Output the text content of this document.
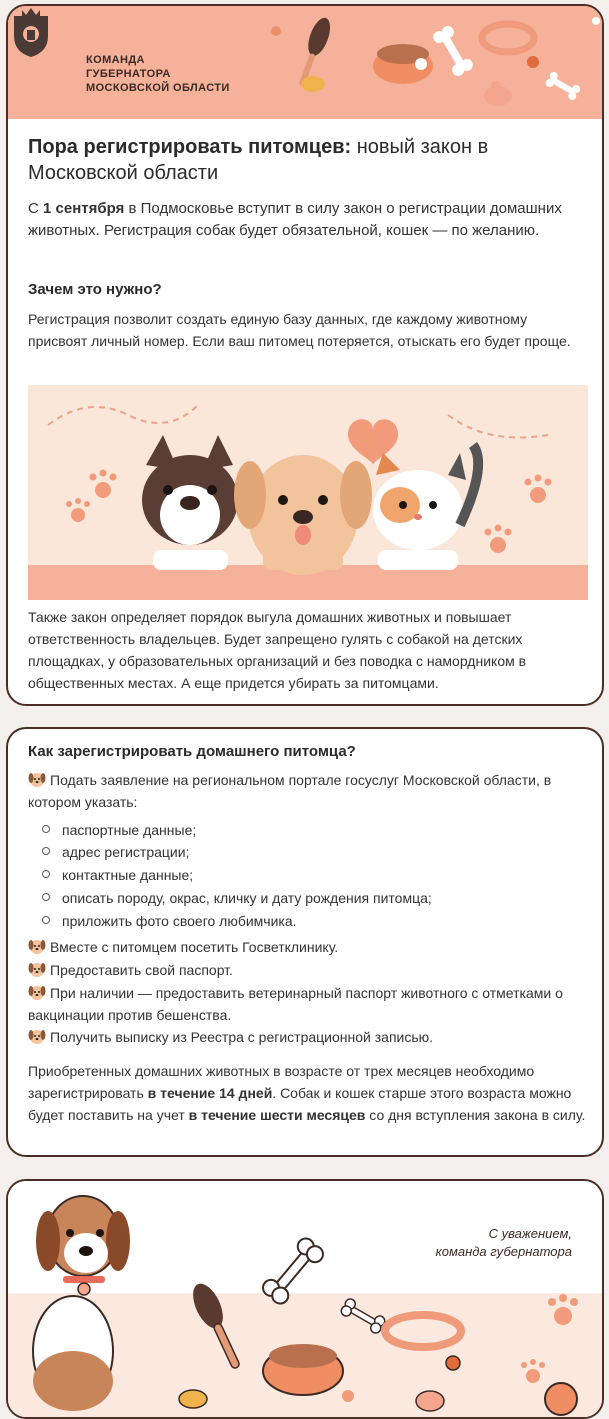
КОМАНДА
ГУБЕРНАТОРА
МОСКОВСКОЙ ОБЛАСТИ
Пора регистрировать питомцев: новый закон в Московской области
С 1 сентября в Подмосковье вступит в силу закон о регистрации домашних животных. Регистрация собак будет обязательной, кошек — по желанию.
Зачем это нужно?
Регистрация позволит создать единую базу данных, где каждому животному присвоят личный номер. Если ваш питомец потеряется, отыскать его будет проще.
Также закон определяет порядок выгула домашних животных и повышает ответственность владельцев. Будет запрещено гулять с собакой на детских площадках, у образовательных организаций и без поводка с намордником в общественных местах. А еще придется убирать за питомцами.
Как зарегистрировать домашнего питомца?
Подать заявление на региональном портале госуслуг Московской области, в котором указать:
паспортные данные;
адрес регистрации;
контактные данные;
описать породу, окрас, кличку и дату рождения питомца;
приложить фото своего любимчика.
Вместе с питомцем посетить Госветклинику.
Предоставить свой паспорт.
При наличии — предоставить ветеринарный паспорт животного с отметками о вакцинации против бешенства.
Получить выписку из Реестра с регистрационной записью.
Приобретенных домашних животных в возрасте от трех месяцев необходимо зарегистрировать в течение 14 дней. Собак и кошек старше этого возраста можно будет поставить на учет в течение шести месяцев со дня вступления закона в силу.
С уважением,
команда губернатора
